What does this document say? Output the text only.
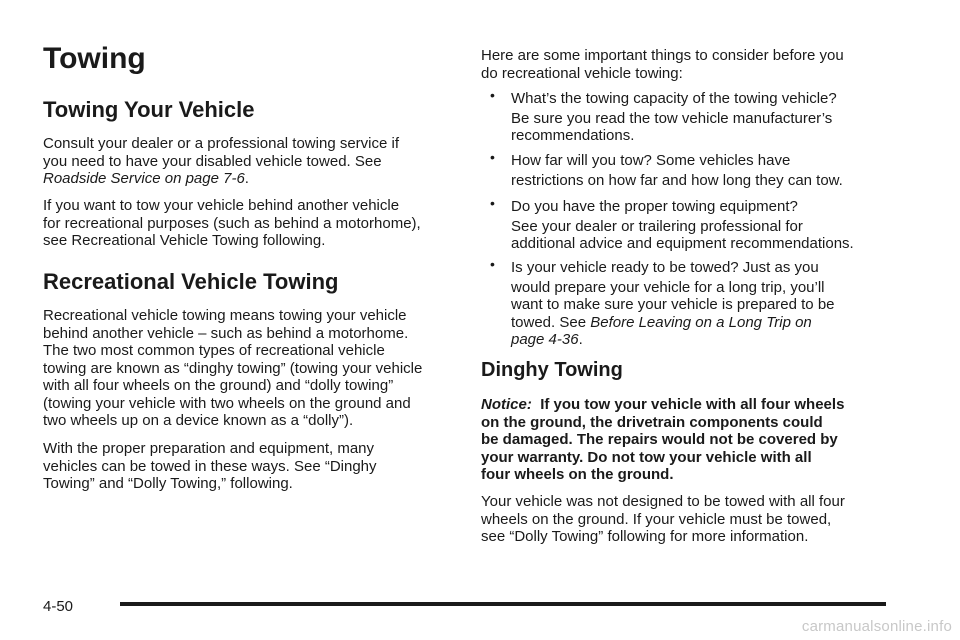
Towing
Towing Your Vehicle
Consult your dealer or a professional towing service if
you need to have your disabled vehicle towed. See
Roadside Service on page 7-6.
If you want to tow your vehicle behind another vehicle
for recreational purposes (such as behind a motorhome),
see Recreational Vehicle Towing following.
Recreational Vehicle Towing
Recreational vehicle towing means towing your vehicle
behind another vehicle – such as behind a motorhome.
The two most common types of recreational vehicle
towing are known as “dinghy towing” (towing your vehicle
with all four wheels on the ground) and “dolly towing”
(towing your vehicle with two wheels on the ground and
two wheels up on a device known as a “dolly”).
With the proper preparation and equipment, many
vehicles can be towed in these ways. See “Dinghy
Towing” and “Dolly Towing,” following.
Here are some important things to consider before you
do recreational vehicle towing:
• What’s the towing capacity of the towing vehicle?
Be sure you read the tow vehicle manufacturer’s
recommendations.
• How far will you tow? Some vehicles have
restrictions on how far and how long they can tow.
• Do you have the proper towing equipment?
See your dealer or trailering professional for
additional advice and equipment recommendations.
• Is your vehicle ready to be towed? Just as you
would prepare your vehicle for a long trip, you’ll
want to make sure your vehicle is prepared to be
towed. See Before Leaving on a Long Trip on
page 4-36.
Dinghy Towing
Notice: If you tow your vehicle with all four wheels
on the ground, the drivetrain components could
be damaged. The repairs would not be covered by
your warranty. Do not tow your vehicle with all
four wheels on the ground.
Your vehicle was not designed to be towed with all four
wheels on the ground. If your vehicle must be towed,
see “Dolly Towing” following for more information.
4-50
carmanualsonline.info
